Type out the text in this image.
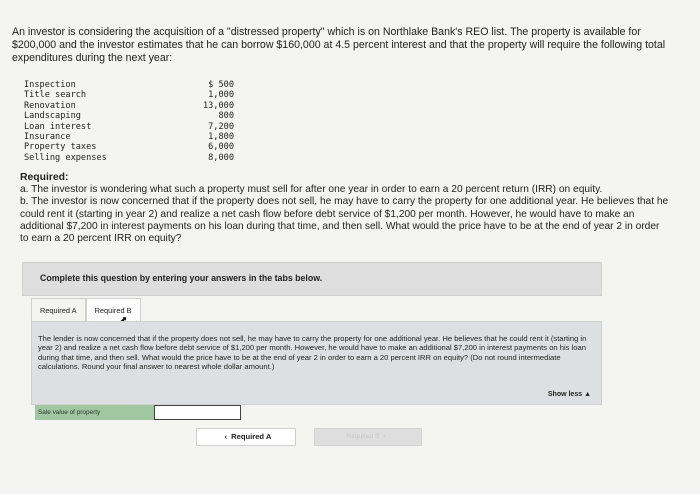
An investor is considering the acquisition of a "distressed property" which is on Northlake Bank's REO list. The property is available for $200,000 and the investor estimates that he can borrow $160,000 at 4.5 percent interest and that the property will require the following total expenditures during the next year:
Inspection	$ 500
Title search	1,000
Renovation	13,000
Landscaping	800
Loan interest	7,200
Insurance	1,800
Property taxes	6,000
Selling expenses	8,000
Required:
a. The investor is wondering what such a property must sell for after one year in order to earn a 20 percent return (IRR) on equity.
b. The investor is now concerned that if the property does not sell, he may have to carry the property for one additional year. He believes that he could rent it (starting in year 2) and realize a net cash flow before debt service of $1,200 per month. However, he would have to make an additional $7,200 in interest payments on his loan during that time, and then sell. What would the price have to be at the end of year 2 in order to earn a 20 percent IRR on equity?
Complete this question by entering your answers in the tabs below.
Required A	Required B
The lender is now concerned that if the property does not sell, he may have to carry the property for one additional year. He believes that he could rent it (starting in year 2) and realize a net cash flow before debt service of $1,200 per month. However, he would have to make an additional $7,200 in interest payments on his loan during that time, and then sell. What would the price have to be at the end of year 2 in order to earn a 20 percent IRR on equity? (Do not round intermediate calculations. Round your final answer to nearest whole dollar amount.)
Show less ▲
Sale value of property
‹ Required A	Required B ›
